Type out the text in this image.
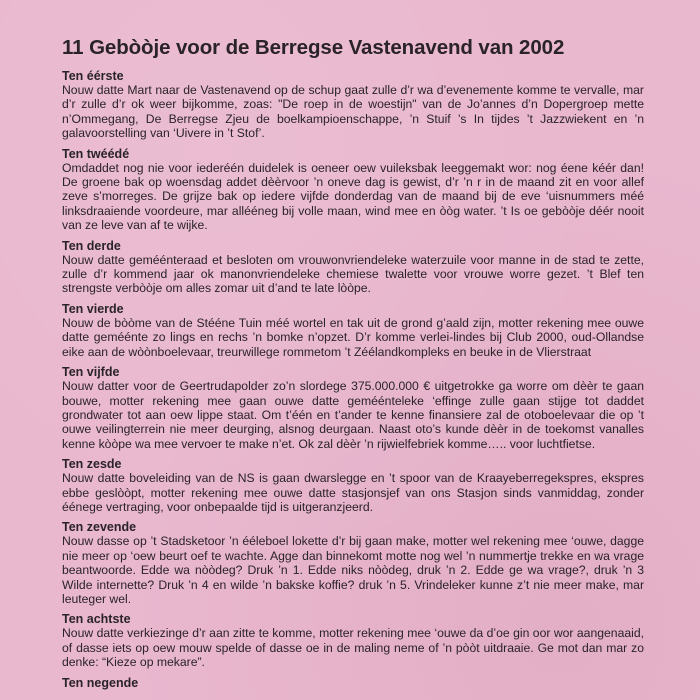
11 Gebòòje voor de Berregse Vastenavend van 2002
Ten éérste

Nouw datte Mart naar de Vastenavend op de schup gaat zulle d’r wa d’evenemente komme te vervalle, mar d’r zulle d’r ok weer bijkomme, zoas: "De roep in de woestijn" van de Jo’annes d’n Dopergroep mette n’Ommegang, De Berregse Zjeu de boelkampioenschappe, ’n Stuif ’s In tijdes ’t Jazzwiekent en ’n galavoorstelling van ‘Uivere in ’t Stof’.

Ten twéédé

Omdaddet nog nie voor iederéén duidelek is oeneer oew vuileksbak leeggemakt wor: nog éene kéér dan! De groene bak op woensdag addet dèèrvoor ’n oneve dag is gewist, d’r ’n r in de maand zit en voor allef zeve s’morreges. De grijze bak op iedere vijfde donderdag van de maand bij de eve ‘uisnummers méé linksdraaiende voordeure, mar allééneg bij volle maan, wind mee en òòg water. ’t Is oe gebòòje déér nooit van ze leve van af te wijke.

Ten derde

Nouw datte geméénteraad et besloten om vrouwonvriendeleke waterzuile voor manne in de stad te zette, zulle d’r kommend jaar ok manonvriendeleke chemiese twalette voor vrouwe worre gezet. ’t Blef ten strengste verbòòje om alles zomar uit d’and te late lòòpe.

Ten vierde

Nouw de bòòme van de Stééne Tuin méé wortel en tak uit de grond g’aald zijn, motter rekening mee ouwe datte geméénte zo lings en rechs ’n bomke n’opzet. D’r komme verlei-lindes bij Club 2000, oud-Ollandse eike aan de wòònboelevaar, treurwillege rommetom ’t Zéélandkompleks en beuke in de Vlierstraat

Ten vijfde

Nouw datter voor de Geertrudapolder zo’n slordege 375.000.000 € uitgetrokke ga worre om dèèr te gaan bouwe, motter rekening mee gaan ouwe datte geméénteleke ‘effinge zulle gaan stijge tot daddet grondwater tot aan oew lippe staat. Om t’één en t’ander te kenne finansiere zal de otoboelevaar die op ’t ouwe veilingterrein nie meer deurging, alsnog deurgaan. Naast oto’s kunde dèèr in de toekomst vanalles kenne kòòpe wa mee vervoer te make n’et. Ok zal dèèr ’n rijwielfebriek komme….. voor luchtfietse.

Ten zesde

Nouw datte boveleiding van de NS is gaan dwarslegge en ’t spoor van de Kraayeberregekspres, ekspres ebbe geslòòpt, motter rekening mee ouwe datte stasjonsjef van ons Stasjon sinds vanmiddag, zonder éénege vertraging, voor onbepaalde tijd is uitgeranzjeerd.

Ten zevende

Nouw dasse op ’t Stadsketoor ’n ééleboel lokette d’r bij gaan make, motter wel rekening mee ‘ouwe, dagge nie meer op ‘oew beurt oef te wachte. Agge dan binnekomt motte nog wel ’n nummertje trekke en wa vrage beantwoorde. Edde wa nòòdeg? Druk ’n 1. Edde niks nòòdeg, druk ’n 2. Edde ge wa vrage?, druk ’n 3 Wilde internette? Druk ’n 4 en wilde ’n bakske koffie? druk ’n 5. Vrindeleker kunne z’t nie meer make, mar leuteger wel.

Ten achtste

Nouw datte verkiezinge d’r aan zitte te komme, motter rekening mee ‘ouwe da d’oe gin oor wor aangenaaid, of dasse iets op oew mouw spelde of dasse oe in de maling neme of ’n pòòt uitdraaie. Ge mot dan mar zo denke: “Kieze op mekare”.

Ten negende
